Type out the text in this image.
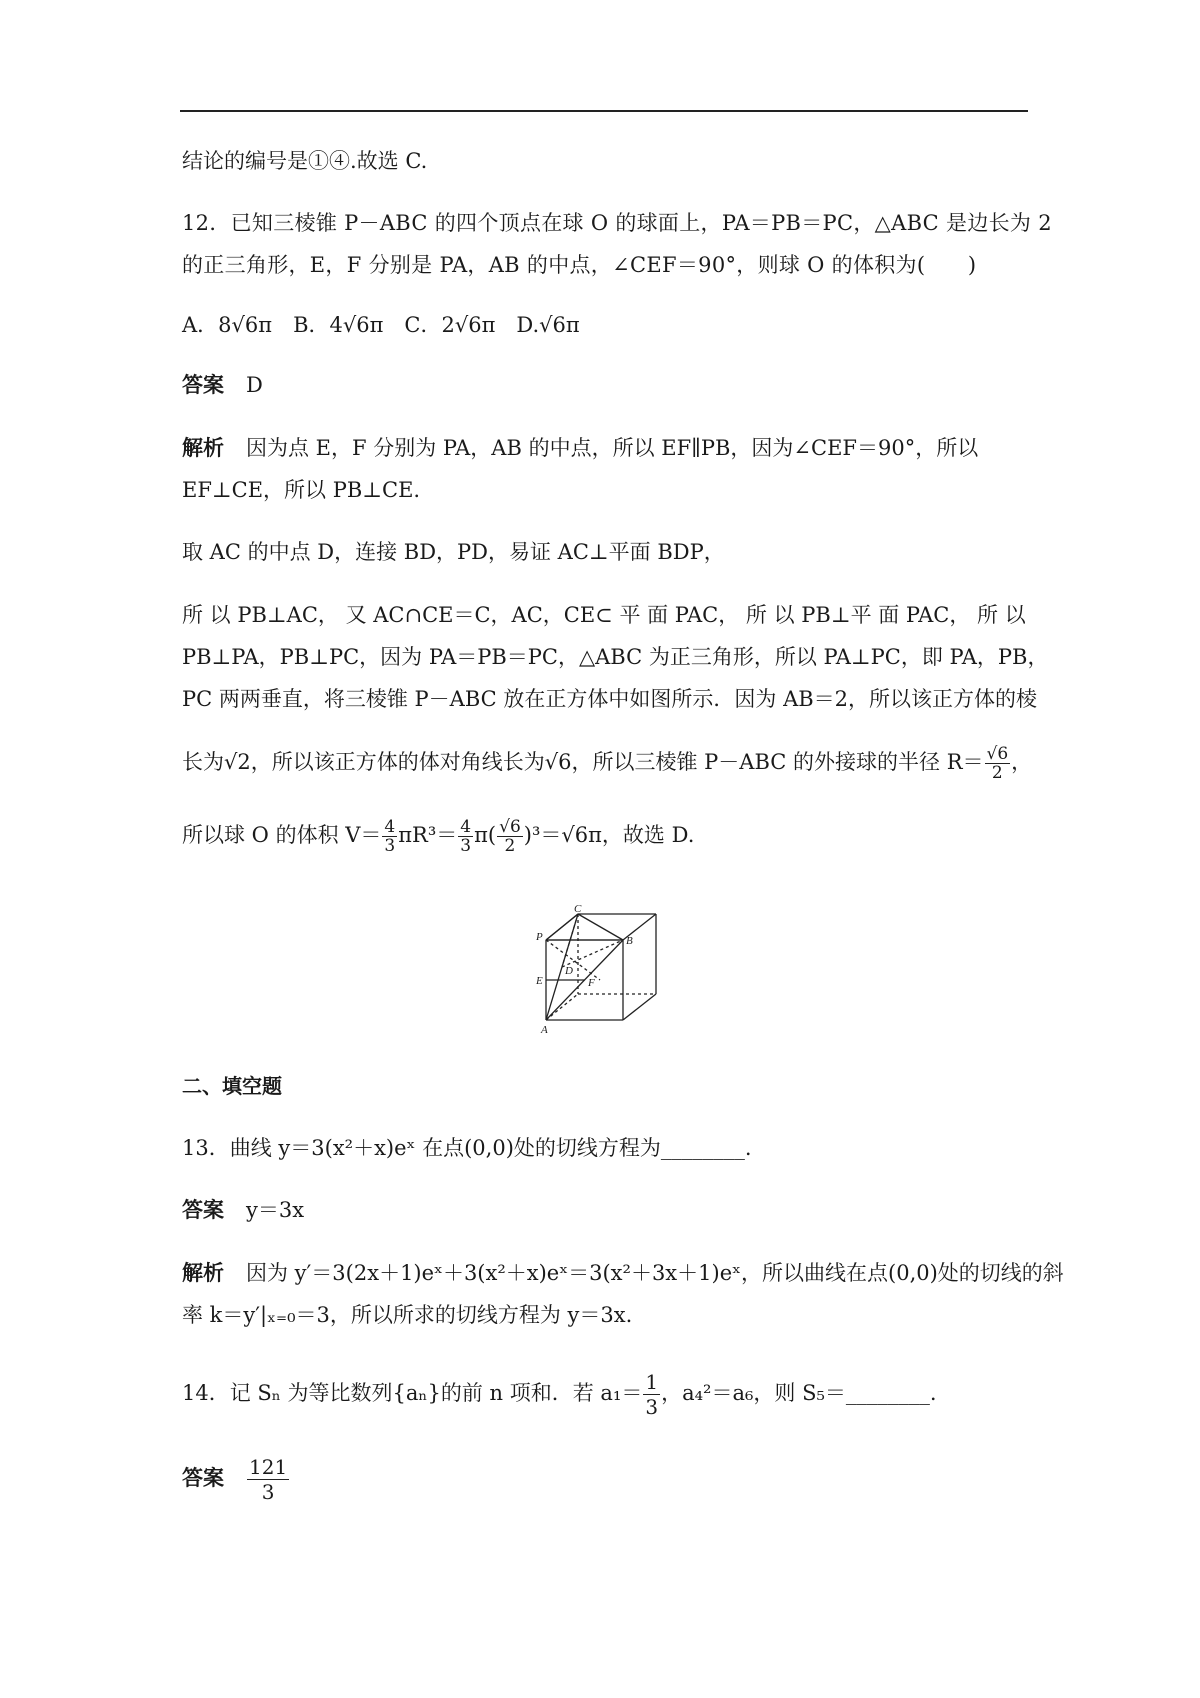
结论的编号是①④.故选 C.
12．已知三棱锥 P－ABC 的四个顶点在球 O 的球面上，PA＝PB＝PC，△ABC 是边长为 2
的正三角形，E，F 分别是 PA，AB 的中点，∠CEF＝90°，则球 O 的体积为(　　)
A．8√6π　B．4√6π　C．2√6π　D.√6π
答案 D
解析 因为点 E，F 分别为 PA，AB 的中点，所以 EF∥PB，因为∠CEF＝90°，所以
EF⊥CE，所以 PB⊥CE.
取 AC 的中点 D，连接 BD，PD，易证 AC⊥平面 BDP，
所 以 PB⊥AC， 又 AC∩CE＝C，AC，CE⊂ 平 面 PAC， 所 以 PB⊥平 面 PAC， 所 以
PB⊥PA，PB⊥PC，因为 PA＝PB＝PC，△ABC 为正三角形，所以 PA⊥PC，即 PA，PB，
PC 两两垂直，将三棱锥 P－ABC 放在正方体中如图所示．因为 AB＝2，所以该正方体的棱
长为√2，所以该正方体的体对角线长为√6，所以三棱锥 P－ABC 的外接球的半径 $R= \frac{√6}{2}$ ，
所以球 O 的体积 $V= \frac{4}{3} \pi R^3= \frac{4}{3} \pi( \frac{√6}{2} )^3=√6\pi$，故选 D.
C
P	B
D
E	F
A
二、填空题
13．曲线 y＝3(x²＋x)eˣ 在点(0,0)处的切线方程为________.
答案 y＝3x
解析 因为 y′＝3(2x＋1)eˣ＋3(x²＋x)eˣ＝3(x²＋3x＋1)eˣ，所以曲线在点(0,0)处的切线的斜
率 k＝y′|ₓ₌₀＝3，所以所求的切线方程为 y＝3x.
14．记 Sₙ 为等比数列{aₙ}的前 n 项和．若 $a_1= \frac{1}{3}$ ，a₄²＝a₆，则 S₅＝________.
答案 $\frac{121}{3}$
